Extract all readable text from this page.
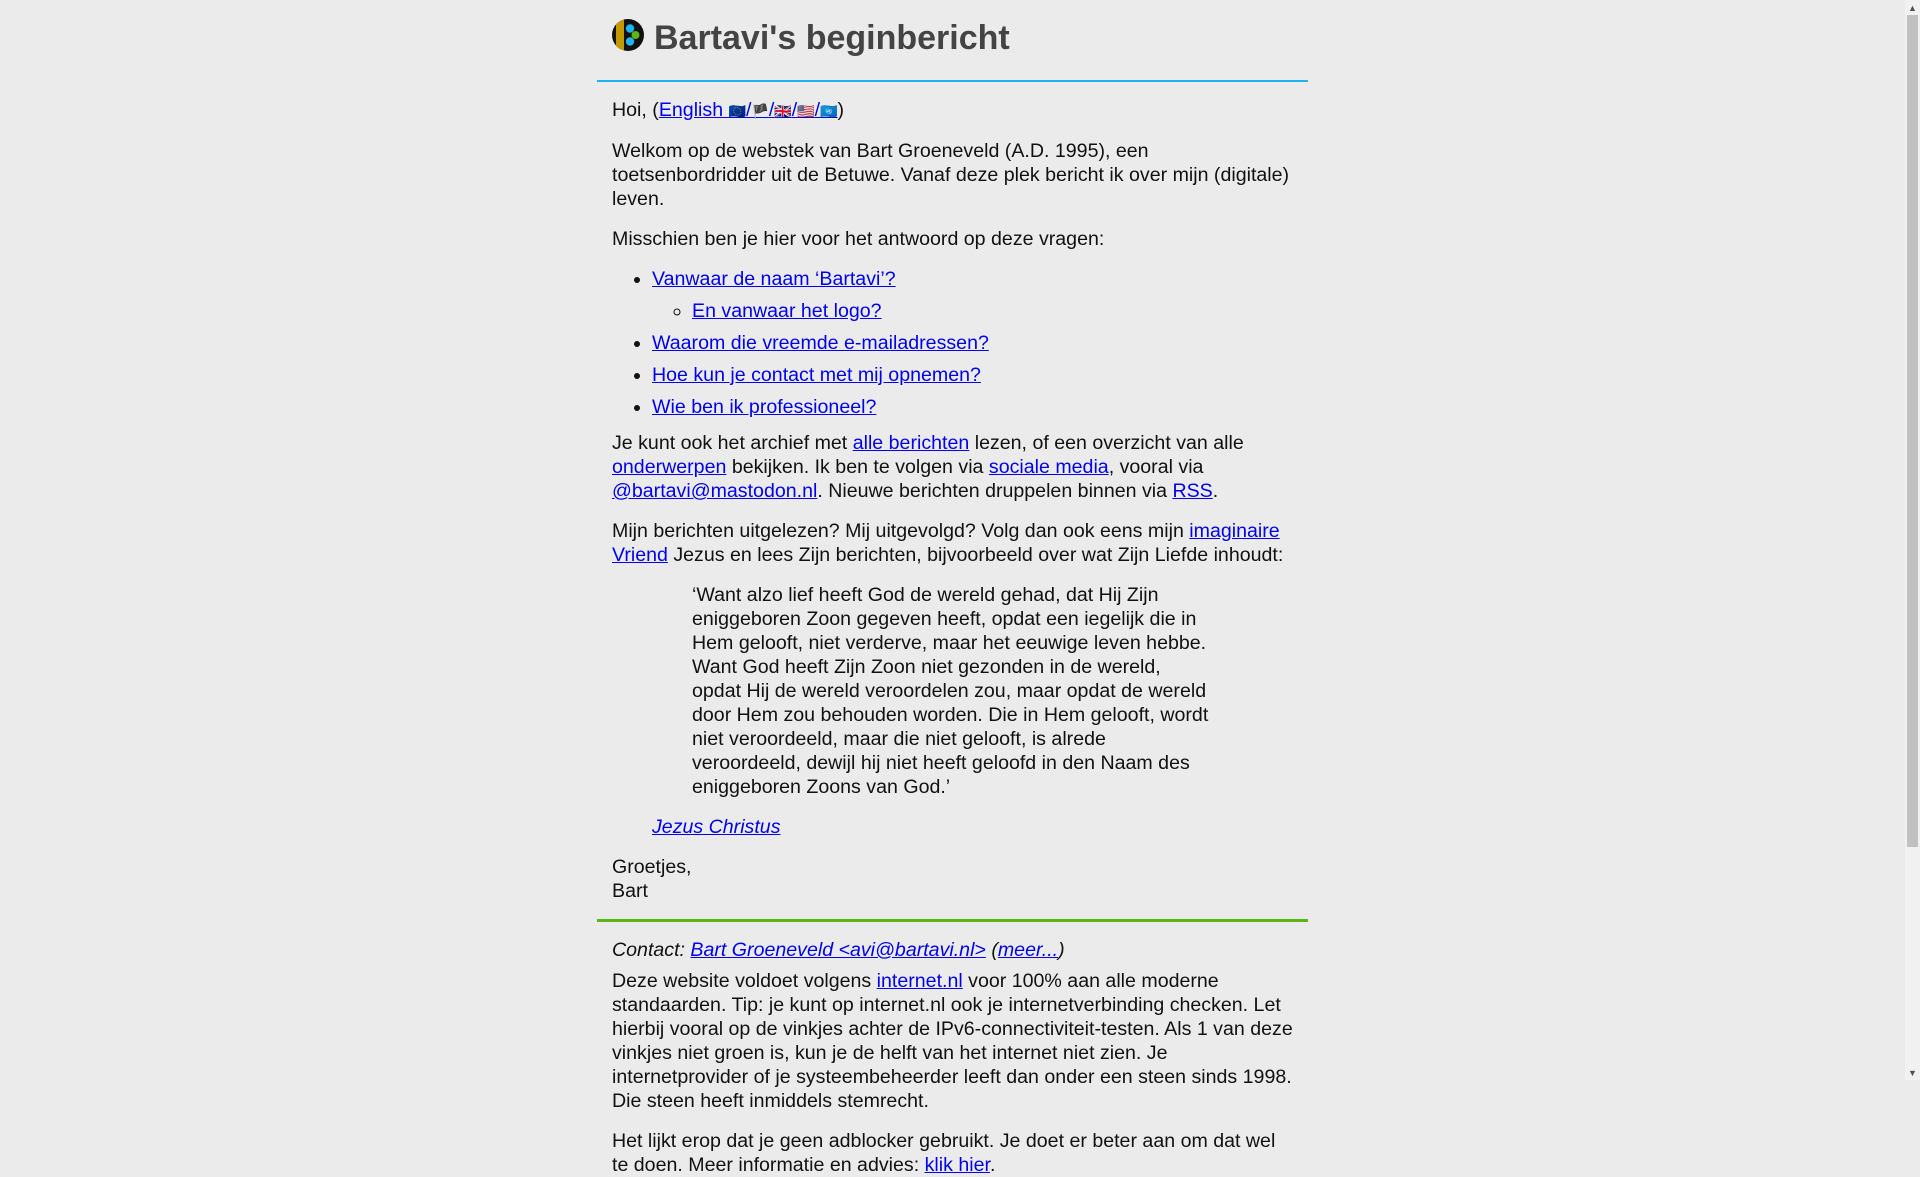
Bartavi's beginbericht

Hoi, (English 🇪🇺/🏴/🇬🇧/🇺🇸/🇺🇳)

Welkom op de webstek van Bart Groeneveld (A.D. 1995), een toetsenbordridder uit de Betuwe. Vanaf deze plek bericht ik over mijn (digitale) leven.

Misschien ben je hier voor het antwoord op deze vragen:

• Vanwaar de naam ‘Bartavi’?
◦ En vanwaar het logo?
• Waarom die vreemde e-mailadressen?
• Hoe kun je contact met mij opnemen?
• Wie ben ik professioneel?

Je kunt ook het archief met alle berichten lezen, of een overzicht van alle onderwerpen bekijken. Ik ben te volgen via sociale media, vooral via @bartavi@mastodon.nl. Nieuwe berichten druppelen binnen via RSS.

Mijn berichten uitgelezen? Mij uitgevolgd? Volg dan ook eens mijn imaginaire Vriend Jezus en lees Zijn berichten, bijvoorbeeld over wat Zijn Liefde inhoudt:

‘Want alzo lief heeft God de wereld gehad, dat Hij Zijn eniggeboren Zoon gegeven heeft, opdat een iegelijk die in Hem gelooft, niet verderve, maar het eeuwige leven hebbe. Want God heeft Zijn Zoon niet gezonden in de wereld, opdat Hij de wereld veroordelen zou, maar opdat de wereld door Hem zou behouden worden. Die in Hem gelooft, wordt niet veroordeeld, maar die niet gelooft, is alrede veroordeeld, dewijl hij niet heeft geloofd in den Naam des eniggeboren Zoons van God.’

Jezus Christus

Groetjes,
Bart

Contact: Bart Groeneveld <avi@bartavi.nl> (meer...)

Deze website voldoet volgens internet.nl voor 100% aan alle moderne standaarden. Tip: je kunt op internet.nl ook je internetverbinding checken. Let hierbij vooral op de vinkjes achter de IPv6-connectiviteit-testen. Als 1 van deze vinkjes niet groen is, kun je de helft van het internet niet zien. Je internetprovider of je systeembeheerder leeft dan onder een steen sinds 1998. Die steen heeft inmiddels stemrecht.

Het lijkt erop dat je geen adblocker gebruikt. Je doet er beter aan om dat wel te doen. Meer informatie en advies: klik hier.

▲
▼
